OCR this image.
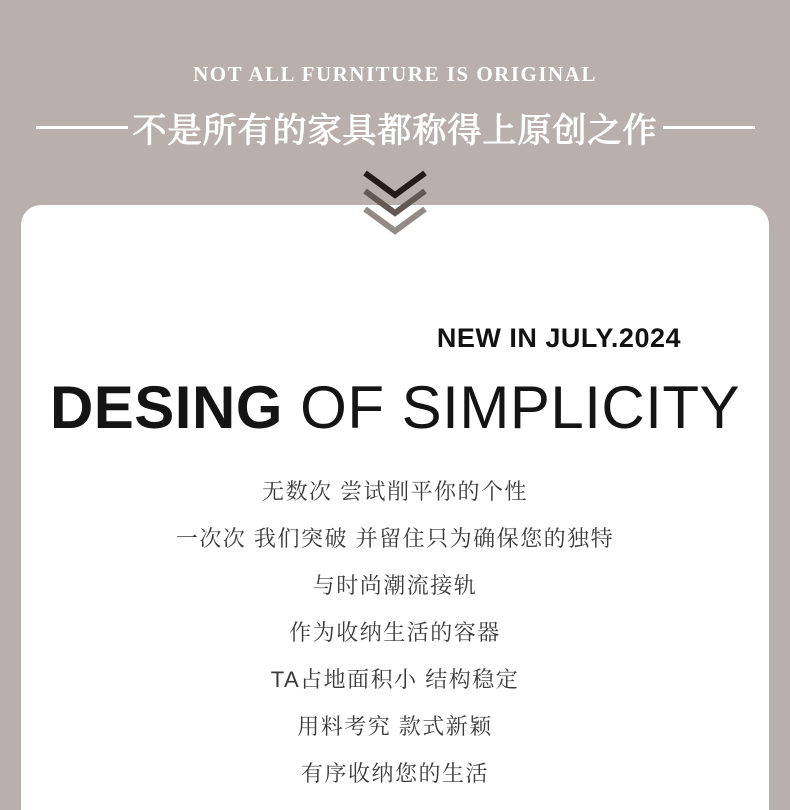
NOT ALL FURNITURE IS ORIGINAL
不是所有的家具都称得上原创之作
NEW IN JULY.2024
DESING OF SIMPLICITY
无数次 尝试削平你的个性
一次次 我们突破 并留住只为确保您的独特
与时尚潮流接轨
作为收纳生活的容器
TA占地面积小 结构稳定
用料考究 款式新颖
有序收纳您的生活
